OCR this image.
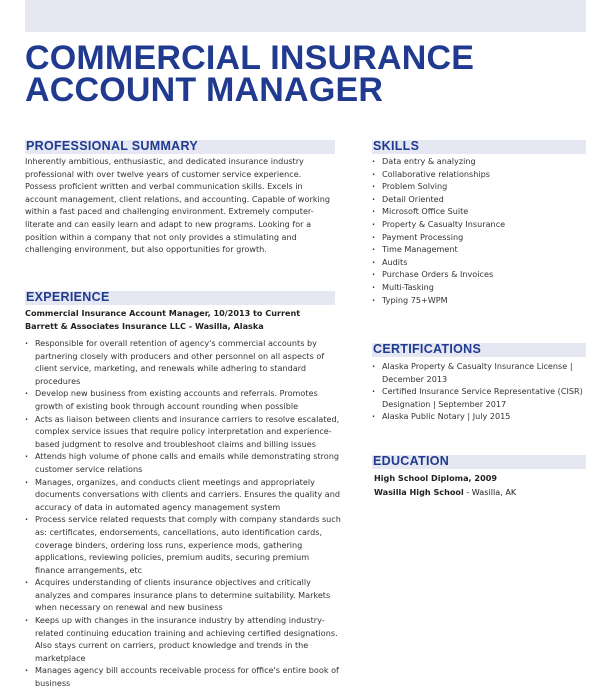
COMMERCIAL INSURANCE ACCOUNT MANAGER
PROFESSIONAL SUMMARY
Inherently ambitious, enthusiastic, and dedicated insurance industry professional with over twelve years of customer service experience. Possess proficient written and verbal communication skills. Excels in account management, client relations, and accounting. Capable of working within a fast paced and challenging environment. Extremely computer-literate and can easily learn and adapt to new programs. Looking for a position within a company that not only provides a stimulating and challenging environment, but also opportunities for growth.
EXPERIENCE
Commercial Insurance Account Manager, 10/2013 to Current
Barrett & Associates Insurance LLC - Wasilla, Alaska
· Responsible for overall retention of agency's commercial accounts by partnering closely with producers and other personnel on all aspects of client service, marketing, and renewals while adhering to standard procedures
· Develop new business from existing accounts and referrals. Promotes growth of existing book through account rounding when possible
· Acts as liaison between clients and insurance carriers to resolve escalated, complex service issues that require policy interpretation and experience-based judgment to resolve and troubleshoot claims and billing issues
· Attends high volume of phone calls and emails while demonstrating strong customer service relations
· Manages, organizes, and conducts client meetings and appropriately documents conversations with clients and carriers. Ensures the quality and accuracy of data in automated agency management system
· Process service related requests that comply with company standards such as: certificates, endorsements, cancellations, auto identification cards, coverage binders, ordering loss runs, experience mods, gathering applications, reviewing policies, premium audits, securing premium finance arrangements, etc
· Acquires understanding of clients insurance objectives and critically analyzes and compares insurance plans to determine suitability. Markets when necessary on renewal and new business
· Keeps up with changes in the insurance industry by attending industry-related continuing education training and achieving certified designations. Also stays current on carriers, product knowledge and trends in the marketplace
· Manages agency bill accounts receivable process for office's entire book of business
SKILLS
· Data entry & analyzing
· Collaborative relationships
· Problem Solving
· Detail Oriented
· Microsoft Office Suite
· Property & Casualty Insurance
· Payment Processing
· Time Management
· Audits
· Purchase Orders & Invoices
· Multi-Tasking
· Typing 75+WPM
CERTIFICATIONS
· Alaska Property & Casualty Insurance License | December 2013
· Certified Insurance Service Representative (CISR) Designation | September 2017
· Alaska Public Notary | July 2015
EDUCATION
High School Diploma, 2009
Wasilla High School - Wasilla, AK
